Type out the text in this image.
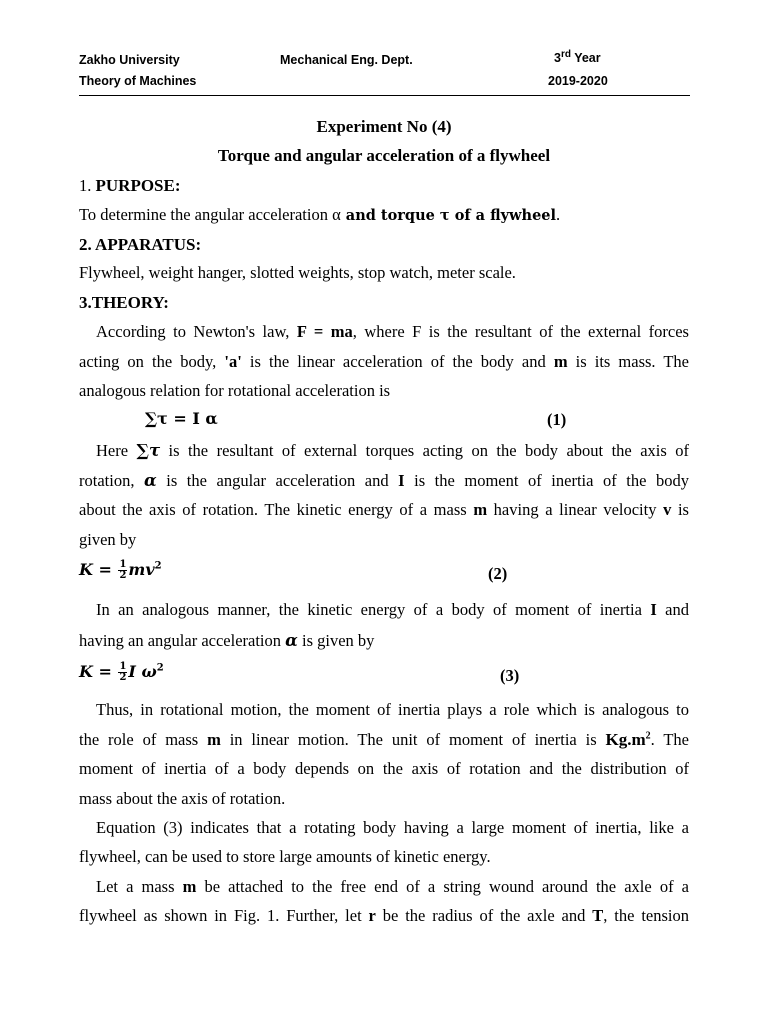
Zakho University	Mechanical Eng. Dept.	3rd Year
Theory of Machines	2019-2020
Experiment No (4)
Torque and angular acceleration of a flywheel
1. PURPOSE:
To determine the angular acceleration α and torque τ of a flywheel.
2. APPARATUS:
Flywheel, weight hanger, slotted weights, stop watch, meter scale.
3.THEORY:
According to Newton's law, F = ma, where F is the resultant of the external forces
acting on the body, 'a' is the linear acceleration of the body and m is its mass. The
analogous relation for rotational acceleration is
∑τ = I α	(1)
Here ∑τ is the resultant of external torques acting on the body about the axis of
rotation, α is the angular acceleration and I is the moment of inertia of the body
about the axis of rotation. The kinetic energy of a mass m having a linear velocity v is
given by
$K = \frac{1}{2} mv^2$	(2)
In an analogous manner, the kinetic energy of a body of moment of inertia I and
having an angular acceleration α is given by
$K = \frac{1}{2}$ I $\omega^2$	(3)
Thus, in rotational motion, the moment of inertia plays a role which is analogous to
the role of mass m in linear motion. The unit of moment of inertia is $Kg.m^2$. The
moment of inertia of a body depends on the axis of rotation and the distribution of
mass about the axis of rotation.
Equation (3) indicates that a rotating body having a large moment of inertia, like a
flywheel, can be used to store large amounts of kinetic energy.
Let a mass m be attached to the free end of a string wound around the axle of a
flywheel as shown in Fig. 1. Further, let r be the radius of the axle and T, the tension
